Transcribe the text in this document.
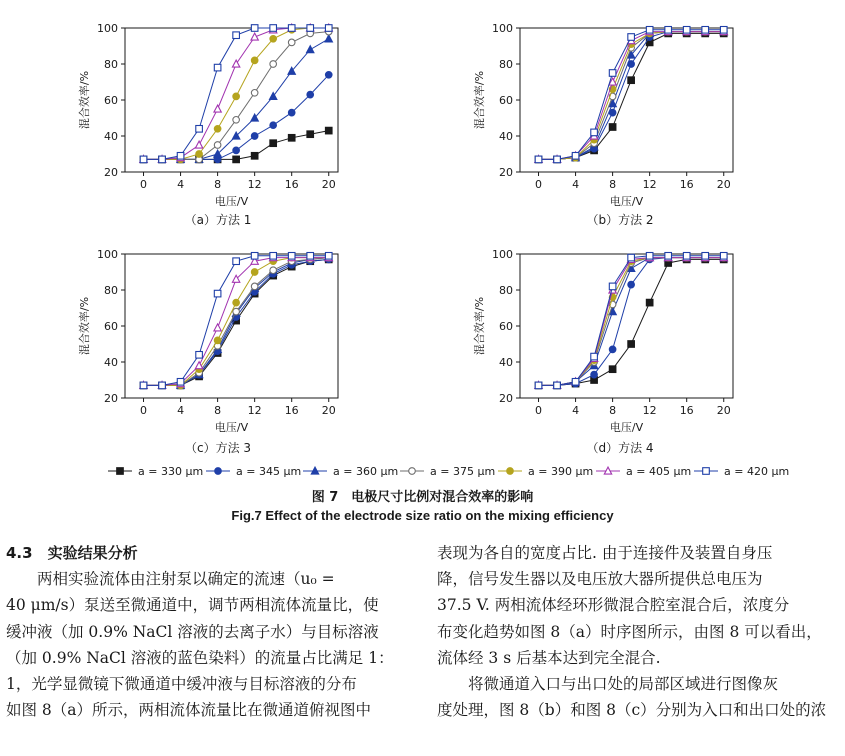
20
40
60
80
100
0	4	8 12 16 20
电压/V
混合效率/%
（a）方法 1
20
40
60
80
100
0	4	8 12 16 20
电压/V
混合效率/%
（b）方法 2
20
40
60
80
100
0	4	8 12 16 20
电压/V
混合效率/%
（c）方法 3
20
40
60
80
100
0	4	8 12 16 20
电压/V
混合效率/%
（d）方法 4
a = 330 μm	a = 345 μm	a = 360 μm	a = 375 μm	a = 390 μm	a = 405 μm	a = 420 μm
图 7　电极尺寸比例对混合效率的影响
Fig.7 Effect of the electrode size ratio on the mixing efficiency

4.3　实验结果分析

两相实验流体由注射泵以确定的流速（u₀ =

40 μm/s）泵送至微通道中，调节两相流体流量比，使

缓冲液（加 0.9% NaCl 溶液的去离子水）与目标溶液

（加 0.9% NaCl 溶液的蓝色染料）的流量占比满足 1：

1，光学显微镜下微通道中缓冲液与目标溶液的分布

如图 8（a）所示，两相流体流量比在微通道俯视图中

表现为各自的宽度占比. 由于连接件及装置自身压

降，信号发生器以及电压放大器所提供总电压为

37.5 V. 两相流体经环形微混合腔室混合后，浓度分

布变化趋势如图 8（a）时序图所示，由图 8 可以看出，

流体经 3 s 后基本达到完全混合.

将微通道入口与出口处的局部区域进行图像灰

度处理，图 8（b）和图 8（c）分别为入口和出口处的浓
